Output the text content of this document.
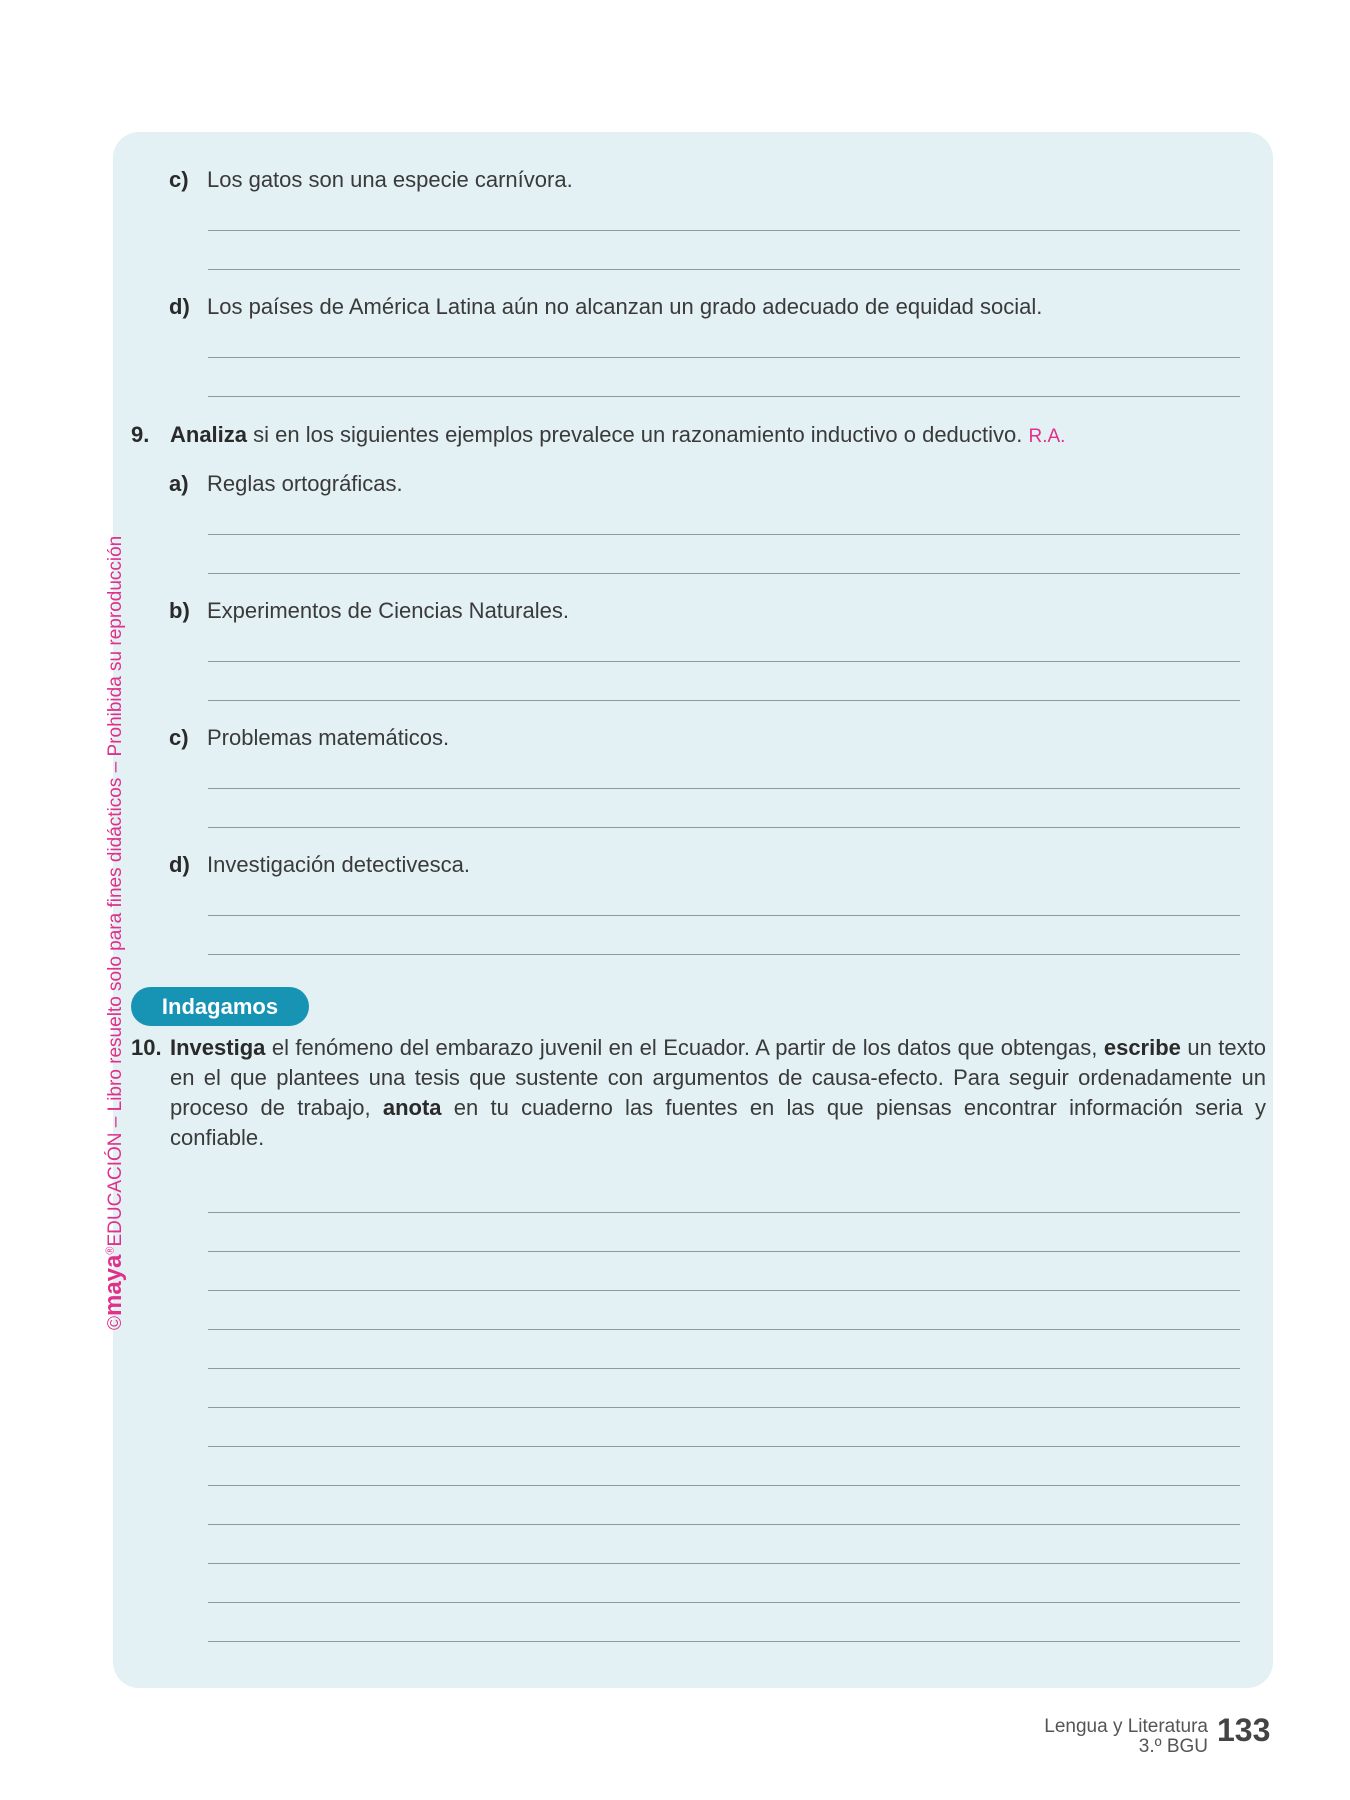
©maya®EDUCACIÓN – Libro resuelto solo para fines didácticos – Prohibida su reproducción
c) Los gatos son una especie carnívora.
d) Los países de América Latina aún no alcanzan un grado adecuado de equidad social.
9. Analiza si en los siguientes ejemplos prevalece un razonamiento inductivo o deductivo. R.A.
a) Reglas ortográficas.
b) Experimentos de Ciencias Naturales.
c) Problemas matemáticos.
d) Investigación detectivesca.
Indagamos
10. Investiga el fenómeno del embarazo juvenil en el Ecuador. A partir de los datos que obtengas, escribe un texto en el que plantees una tesis que sustente con argumentos de causa-efecto. Para seguir ordenadamente un proceso de trabajo, anota en tu cuaderno las fuentes en las que piensas encontrar información seria y confiable.
Lengua y Literatura
3.º BGU 133
